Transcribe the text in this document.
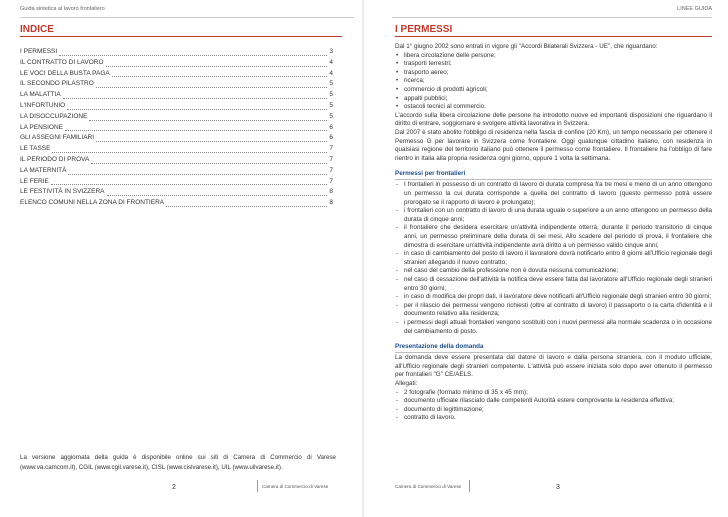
Guida sintetica al lavoro frontaliero
INDICE
I PERMESSI	3
IL CONTRATTO DI LAVORO	4
LE VOCI DELLA BUSTA PAGA	4
IL SECONDO PILASTRO	5
LA MALATTIA	5
L'INFORTUNIO	5
LA DISOCCUPAZIONE	5
LA PENSIONE	6
GLI ASSEGNI FAMILIARI	6
LE TASSE	7
IL PERIODO DI PROVA	7
LA MATERNITÀ	7
LE FERIE	7
LE FESTIVITÀ IN SVIZZERA	8
ELENCO COMUNI NELLA ZONA DI FRONTIERA	8
La versione aggiornata della guida è disponibile online sui siti di Camera di Commercio di Varese (www.va.camcom.it), CGIL (www.cgil.varese.it), CISL (www.cislvarese.it), UIL (www.uilvarese.it).
2	Camera di Commercio di Varese
LINEE GUIDA
I PERMESSI

Dal 1° giugno 2002 sono entrati in vigore gli "Accordi Bilaterali Svizzera - UE", che riguardano:

• libera circolazione delle persone;
• trasporti terrestri;
• trasporto aereo;
• ricerca;
• commercio di prodotti agricoli;
• appalti pubblici;
• ostacoli tecnici al commercio.

L'accordo sulla libera circolazione delle persone ha introdotto nuove ed importanti disposizioni che riguardano il diritto di entrare, soggiornare e svolgere attività lavorativa in Svizzera.

Dal 2007 è stato abolito l'obbligo di residenza nella fascia di confine (20 Km), un tempo necessario per ottenere il Permesso G per lavorare in Svizzera come frontaliere. Oggi qualunque cittadino italiano, con residenza in qualsiasi regione del territorio italiano può ottenere il permesso come frontaliere. Il frontaliere ha l'obbligo di fare rientro in Italia alla propria residenza ogni giorno, oppure 1 volta la settimana.

Permessi per frontalieri
- I frontalieri in possesso di un contratto di lavoro di durata compresa fra tre mesi e meno di un anno ottengono un permesso la cui durata corrisponde a quella del contratto di lavoro (questo permesso potrà essere prorogato se il rapporto di lavoro è prolungato);
- i frontalieri con un contratto di lavoro di una durata uguale o superiore a un anno ottengono un permesso della durata di cinque anni;
- il frontaliere che desidera esercitare un'attività indipendente otterrà, durante il periodo transitorio di cinque anni, un permesso preliminare della durata di sei mesi. Allo scadere del periodo di prova, il frontaliere che dimostra di esercitare un'attività indipendente avrà diritto a un permesso valido cinque anni;
- in caso di cambiamento del posto di lavoro il lavoratore dovrà notificarlo entro 8 giorni all'Ufficio regionale degli stranieri allegando il nuovo contratto;
- nel caso del cambio della professione non è dovuta nessuna comunicazione;
- nel caso di cessazione dell'attività la notifica deve essere fatta dal lavoratore all'Ufficio regionale degli stranieri entro 30 giorni;
- in caso di modifica dei propri dati, il lavoratore deve notificarli all'Ufficio regionale degli stranieri entro 30 giorni;
- per il rilascio dei permessi vengono richiesti (oltre al contratto di lavoro) il passaporto o la carta d'identità e il documento relativo alla residenza;
- i permessi degli attuali frontalieri vengono sostituiti con i nuovi permessi alla normale scadenza o in occasione del cambiamento di posto.
Presentazione della domanda

La domanda deve essere presentata dal datore di lavoro e dalla persona straniera, con il modulo ufficiale, all'Ufficio regionale degli stranieri competente. L'attività può essere iniziata solo dopo aver ottenuto il permesso per frontalieri "G" CE/AELS.

Allegati:

- 2 fotografie (formato minimo di 35 x 45 mm);
- documento ufficiale rilasciato dalle competenti Autorità estere comprovante la residenza effettiva;
- documento di legittimazione;
- contratto di lavoro.
Camera di Commercio di Varese	3
